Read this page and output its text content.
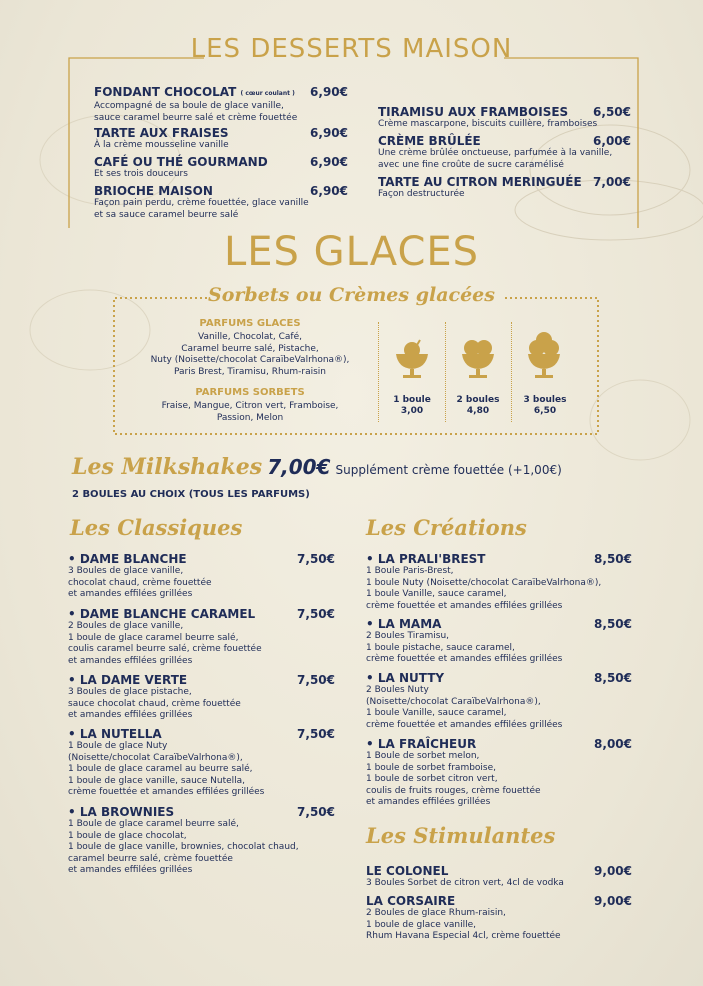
LES DESSERTS MAISON
FONDANT CHOCOLAT ( cœur coulant )	6,90€
Accompagné de sa boule de glace vanille,
sauce caramel beurre salé et crème fouettée
TARTE AUX FRAISES	6,90€
À la crème mousseline vanille
CAFÉ OU THÉ GOURMAND	6,90€
Et ses trois douceurs
BRIOCHE MAISON	6,90€
Façon pain perdu, crème fouettée, glace vanille
et sa sauce caramel beurre salé
TIRAMISU AUX FRAMBOISES	6,50€
Crème mascarpone, biscuits cuillère, framboises
CRÈME BRÛLÉE	6,00€
Une crème brûlée onctueuse, parfumée à la vanille,
avec une fine croûte de sucre caramélisé
TARTE AU CITRON MERINGUÉE 7,00€
Façon destructurée
LES GLACES
Sorbets ou Crèmes glacées
PARFUMS GLACES
Vanille, Chocolat, Café,
Caramel beurre salé, Pistache,
Nuty (Noisette/chocolat CaraïbeValrhona®),
Paris Brest, Tiramisu, Rhum-raisin
PARFUMS SORBETS
Fraise, Mangue, Citron vert, Framboise,
Passion, Melon
1 boule
3,00
2 boules
4,80
3 boules
6,50
Les Milkshakes 7,00€ Supplément crème fouettée (+1,00€)
2 BOULES AU CHOIX (TOUS LES PARFUMS)
Les Classiques
• DAME BLANCHE	7,50€
3 Boules de glace vanille,
chocolat chaud, crème fouettée
et amandes effilées grillées
• DAME BLANCHE CARAMEL	7,50€
2 Boules de glace vanille,
1 boule de glace caramel beurre salé,
coulis caramel beurre salé, crème fouettée
et amandes effilées grillées
• LA DAME VERTE	7,50€
3 Boules de glace pistache,
sauce chocolat chaud, crème fouettée
et amandes effilées grillées
• LA NUTELLA	7,50€
1 Boule de glace Nuty
(Noisette/chocolat CaraïbeValrhona®),
1 boule de glace caramel au beurre salé,
1 boule de glace vanille, sauce Nutella,
crème fouettée et amandes effilées grillées
• LA BROWNIES	7,50€
1 Boule de glace caramel beurre salé,
1 boule de glace chocolat,
1 boule de glace vanille, brownies, chocolat chaud,
caramel beurre salé, crème fouettée
et amandes effilées grillées
Les Créations
• LA PRALI'BREST	8,50€
1 Boule Paris-Brest,
1 boule Nuty (Noisette/chocolat CaraïbeValrhona®),
1 boule Vanille, sauce caramel,
crème fouettée et amandes effilées grillées
• LA MAMA	8,50€
2 Boules Tiramisu,
1 boule pistache, sauce caramel,
crème fouettée et amandes effilées grillées
• LA NUTTY	8,50€
2 Boules Nuty
(Noisette/chocolat CaraïbeValrhona®),
1 boule Vanille, sauce caramel,
crème fouettée et amandes effilées grillées
• LA FRAÎCHEUR	8,00€
1 Boule de sorbet melon,
1 boule de sorbet framboise,
1 boule de sorbet citron vert,
coulis de fruits rouges, crème fouettée
et amandes effilées grillées
Les Stimulantes
LE COLONEL	9,00€
3 Boules Sorbet de citron vert, 4cl de vodka
LA CORSAIRE	9,00€
2 Boules de glace Rhum-raisin,
1 boule de glace vanille,
Rhum Havana Especial 4cl, crème fouettée
